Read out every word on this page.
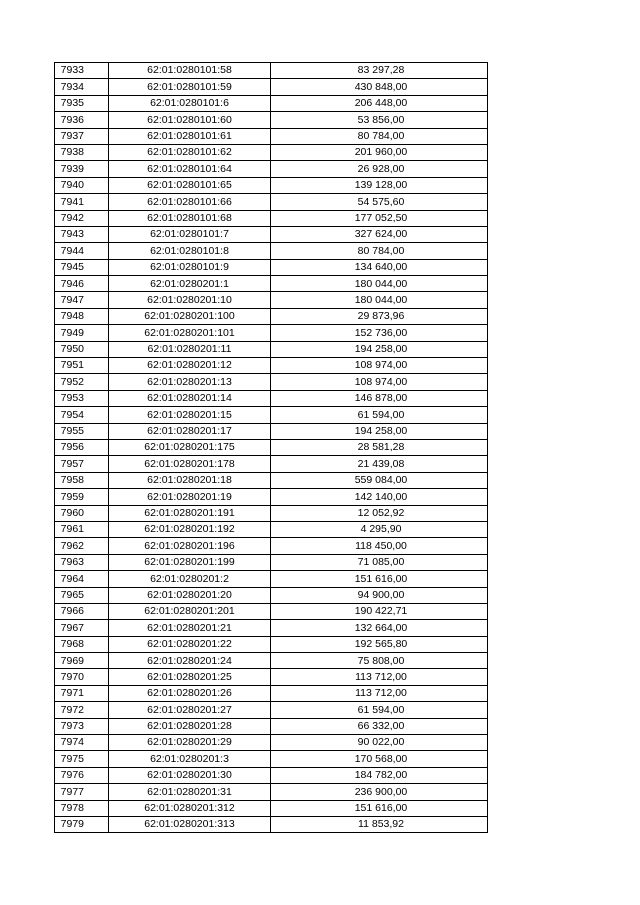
7933	62:01:0280101:58	83 297,28
7934	62:01:0280101:59	430 848,00
7935	62:01:0280101:6	206 448,00
7936	62:01:0280101:60	53 856,00
7937	62:01:0280101:61	80 784,00
7938	62:01:0280101:62	201 960,00
7939	62:01:0280101:64	26 928,00
7940	62:01:0280101:65	139 128,00
7941	62:01:0280101:66	54 575,60
7942	62:01:0280101:68	177 052,50
7943	62:01:0280101:7	327 624,00
7944	62:01:0280101:8	80 784,00
7945	62:01:0280101:9	134 640,00
7946	62:01:0280201:1	180 044,00
7947	62:01:0280201:10	180 044,00
7948	62:01:0280201:100	29 873,96
7949	62:01:0280201:101	152 736,00
7950	62:01:0280201:11	194 258,00
7951	62:01:0280201:12	108 974,00
7952	62:01:0280201:13	108 974,00
7953	62:01:0280201:14	146 878,00
7954	62:01:0280201:15	61 594,00
7955	62:01:0280201:17	194 258,00
7956	62:01:0280201:175	28 581,28
7957	62:01:0280201:178	21 439,08
7958	62:01:0280201:18	559 084,00
7959	62:01:0280201:19	142 140,00
7960	62:01:0280201:191	12 052,92
7961	62:01:0280201:192	4 295,90
7962	62:01:0280201:196	118 450,00
7963	62:01:0280201:199	71 085,00
7964	62:01:0280201:2	151 616,00
7965	62:01:0280201:20	94 900,00
7966	62:01:0280201:201	190 422,71
7967	62:01:0280201:21	132 664,00
7968	62:01:0280201:22	192 565,80
7969	62:01:0280201:24	75 808,00
7970	62:01:0280201:25	113 712,00
7971	62:01:0280201:26	113 712,00
7972	62:01:0280201:27	61 594,00
7973	62:01:0280201:28	66 332,00
7974	62:01:0280201:29	90 022,00
7975	62:01:0280201:3	170 568,00
7976	62:01:0280201:30	184 782,00
7977	62:01:0280201:31	236 900,00
7978	62:01:0280201:312	151 616,00
7979	62:01:0280201:313	11 853,92
